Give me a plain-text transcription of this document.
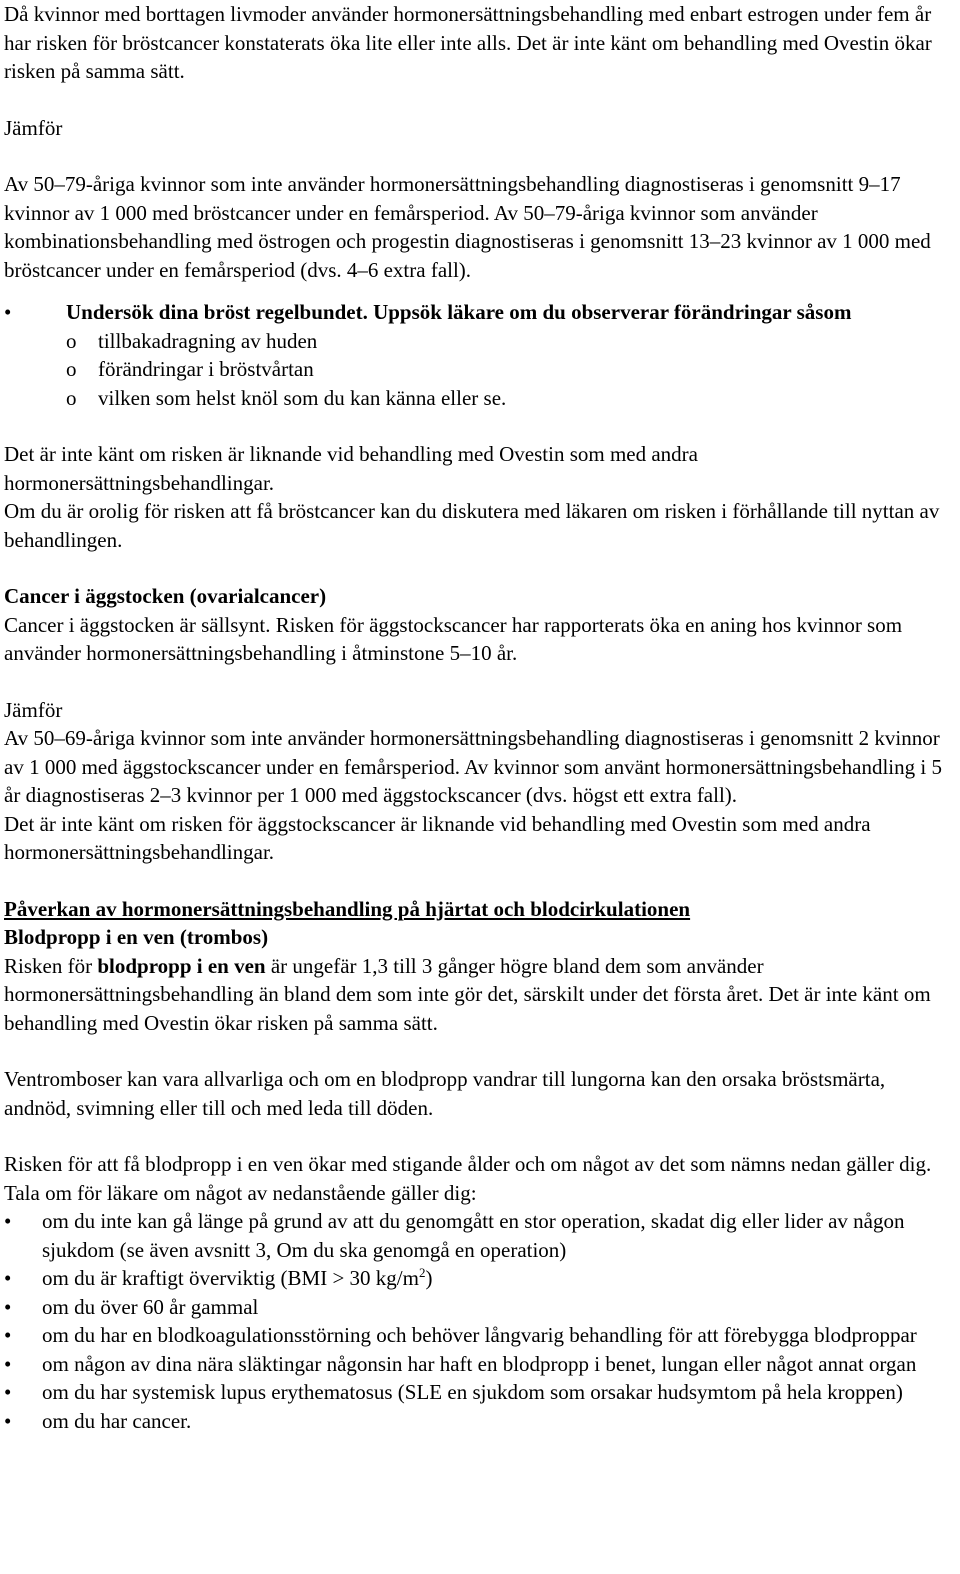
Då kvinnor med borttagen livmoder använder hormonersättningsbehandling med enbart estrogen under fem år har risken för bröstcancer konstaterats öka lite eller inte alls. Det är inte känt om behandling med Ovestin ökar risken på samma sätt.

Jämför

Av 50–79-åriga kvinnor som inte använder hormonersättningsbehandling diagnostiseras i genomsnitt 9–17 kvinnor av 1 000 med bröstcancer under en femårsperiod. Av 50–79-åriga kvinnor som använder kombinationsbehandling med östrogen och progestin diagnostiseras i genomsnitt 13–23 kvinnor av 1 000 med bröstcancer under en femårsperiod (dvs. 4–6 extra fall).

• Undersök dina bröst regelbundet. Uppsök läkare om du observerar förändringar såsom
o tillbakadragning av huden
o förändringar i bröstvårtan
o vilken som helst knöl som du kan känna eller se.

Det är inte känt om risken är liknande vid behandling med Ovestin som med andra hormonersättningsbehandlingar.

Om du är orolig för risken att få bröstcancer kan du diskutera med läkaren om risken i förhållande till nyttan av behandlingen.

Cancer i äggstocken (ovarialcancer)

Cancer i äggstocken är sällsynt. Risken för äggstockscancer har rapporterats öka en aning hos kvinnor som använder hormonersättningsbehandling i åtminstone 5–10 år.

Jämför

Av 50–69-åriga kvinnor som inte använder hormonersättningsbehandling diagnostiseras i genomsnitt 2 kvinnor av 1 000 med äggstockscancer under en femårsperiod. Av kvinnor som använt hormonersättningsbehandling i 5 år diagnostiseras 2–3 kvinnor per 1 000 med äggstockscancer (dvs. högst ett extra fall).

Det är inte känt om risken för äggstockscancer är liknande vid behandling med Ovestin som med andra hormonersättningsbehandlingar.

Påverkan av hormonersättningsbehandling på hjärtat och blodcirkulationen

Blodpropp i en ven (trombos)

Risken för blodpropp i en ven är ungefär 1,3 till 3 gånger högre bland dem som använder hormonersättningsbehandling än bland dem som inte gör det, särskilt under det första året. Det är inte känt om behandling med Ovestin ökar risken på samma sätt.

Ventromboser kan vara allvarliga och om en blodpropp vandrar till lungorna kan den orsaka bröstsmärta, andnöd, svimning eller till och med leda till döden.

Risken för att få blodpropp i en ven ökar med stigande ålder och om något av det som nämns nedan gäller dig. Tala om för läkare om något av nedanstående gäller dig:

• om du inte kan gå länge på grund av att du genomgått en stor operation, skadat dig eller lider av någon sjukdom (se även avsnitt 3, Om du ska genomgå en operation)
• om du är kraftigt överviktig (BMI > 30 $kg/m^2$)
• om du över 60 år gammal
• om du har en blodkoagulationsstörning och behöver långvarig behandling för att förebygga blodproppar
• om någon av dina nära släktingar någonsin har haft en blodpropp i benet, lungan eller något annat organ
• om du har systemisk lupus erythematosus (SLE en sjukdom som orsakar hudsymtom på hela kroppen)
• om du har cancer.
